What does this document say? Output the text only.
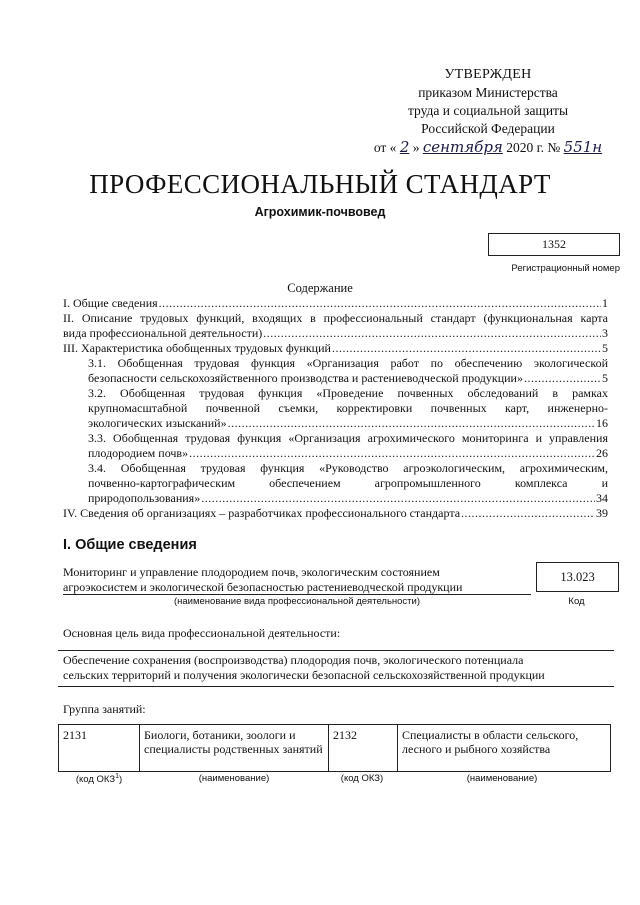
УТВЕРЖДЕН
приказом Министерства
труда и социальной защиты
Российской Федерации
от « 2 » сентября 2020 г. № 551н
ПРОФЕССИОНАЛЬНЫЙ СТАНДАРТ
Агрохимик-почвовед
1352
Регистрационный номер
Содержание
I. Общие сведения .....	1
II. Описание трудовых функций, входящих в профессиональный стандарт (функциональная карта
вида профессиональной деятельности) .....	3
III. Характеристика обобщенных трудовых функций .....	5
3.1. Обобщенная трудовая функция «Организация работ по обеспечению экологической
безопасности сельскохозяйственного производства и растениеводческой продукции» .....	5
3.2. Обобщенная трудовая функция «Проведение почвенных обследований в рамках
крупномасштабной почвенной съемки, корректировки почвенных карт, инженерно-
экологических изысканий» .....	16
3.3. Обобщенная трудовая функция «Организация агрохимического мониторинга и управления
плодородием почв» .....	26
3.4. Обобщенная трудовая функция «Руководство агроэкологическим, агрохимическим,
почвенно-картографическим обеспечением агропромышленного комплекса и
природопользования» .....	34
IV. Сведения об организациях – разработчиках профессионального стандарта .....	39
I. Общие сведения
Мониторинг и управление плодородием почв, экологическим состоянием
агроэкосистем и экологической безопасностью растениеводческой продукции
(наименование вида профессиональной деятельности)
13.023
Код
Основная цель вида профессиональной деятельности:
Обеспечение сохранения (воспроизводства) плодородия почв, экологического потенциала
сельских территорий и получения экологически безопасной сельскохозяйственной продукции
Группа занятий:
2131	Биологи, ботаники, зоологи и специалисты родственных занятий	2132	Специалисты в области сельского, лесного и рыбного хозяйства
(код ОКЗ$^1$)	(наименование)	(код ОКЗ)	(наименование)
